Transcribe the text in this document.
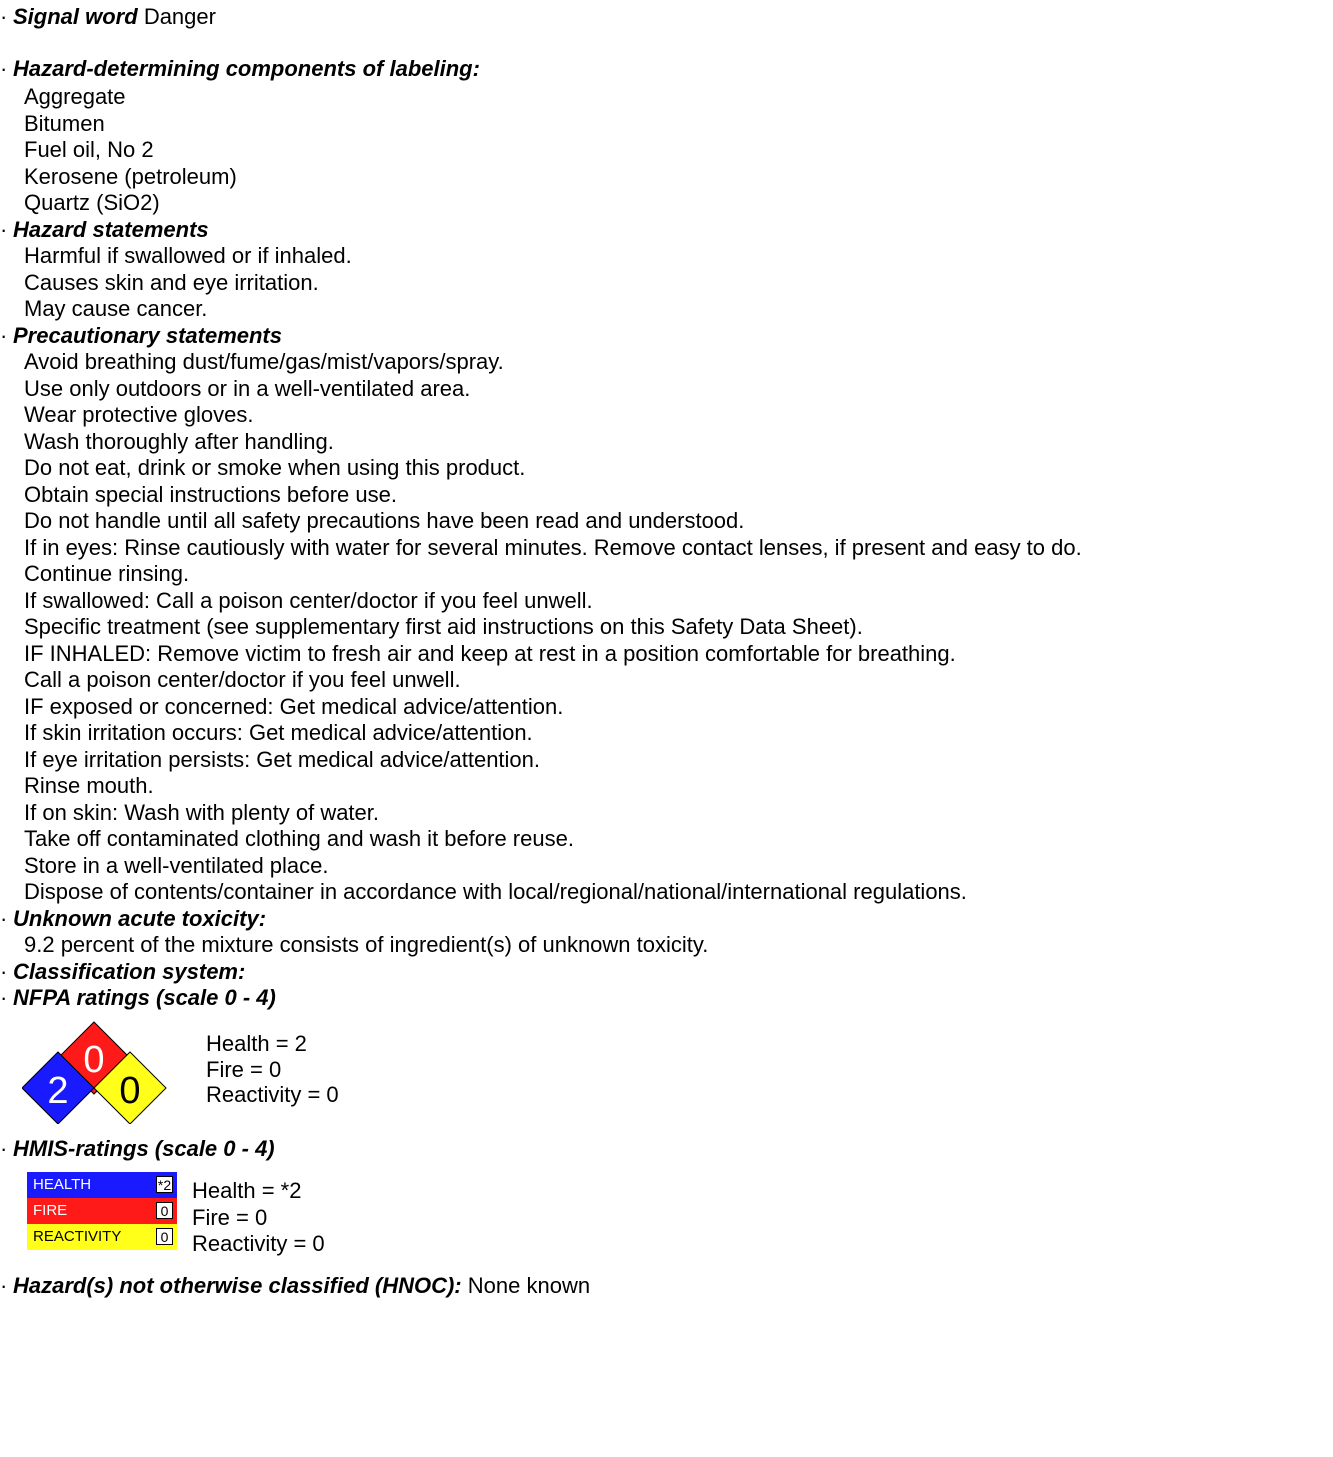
· Signal word Danger
· Hazard-determining components of labeling:
Aggregate
Bitumen
Fuel oil, No 2
Kerosene (petroleum)
Quartz (SiO2)
· Hazard statements
Harmful if swallowed or if inhaled.
Causes skin and eye irritation.
May cause cancer.
· Precautionary statements
Avoid breathing dust/fume/gas/mist/vapors/spray.
Use only outdoors or in a well-ventilated area.
Wear protective gloves.
Wash thoroughly after handling.
Do not eat, drink or smoke when using this product.
Obtain special instructions before use.
Do not handle until all safety precautions have been read and understood.
If in eyes: Rinse cautiously with water for several minutes. Remove contact lenses, if present and easy to do.
Continue rinsing.
If swallowed: Call a poison center/doctor if you feel unwell.
Specific treatment (see supplementary first aid instructions on this Safety Data Sheet).
IF INHALED: Remove victim to fresh air and keep at rest in a position comfortable for breathing.
Call a poison center/doctor if you feel unwell.
IF exposed or concerned: Get medical advice/attention.
If skin irritation occurs: Get medical advice/attention.
If eye irritation persists: Get medical advice/attention.
Rinse mouth.
If on skin: Wash with plenty of water.
Take off contaminated clothing and wash it before reuse.
Store in a well-ventilated place.
Dispose of contents/container in accordance with local/regional/national/international regulations.
· Unknown acute toxicity:
9.2 percent of the mixture consists of ingredient(s) of unknown toxicity.
· Classification system:
· NFPA ratings (scale 0 - 4)
0
2 0
Health = 2
Fire = 0
Reactivity = 0
· HMIS-ratings (scale 0 - 4)
HEALTH	*2
FIRE	0
REACTIVITY	0
Health = *2
Fire = 0
Reactivity = 0
· Hazard(s) not otherwise classified (HNOC): None known
